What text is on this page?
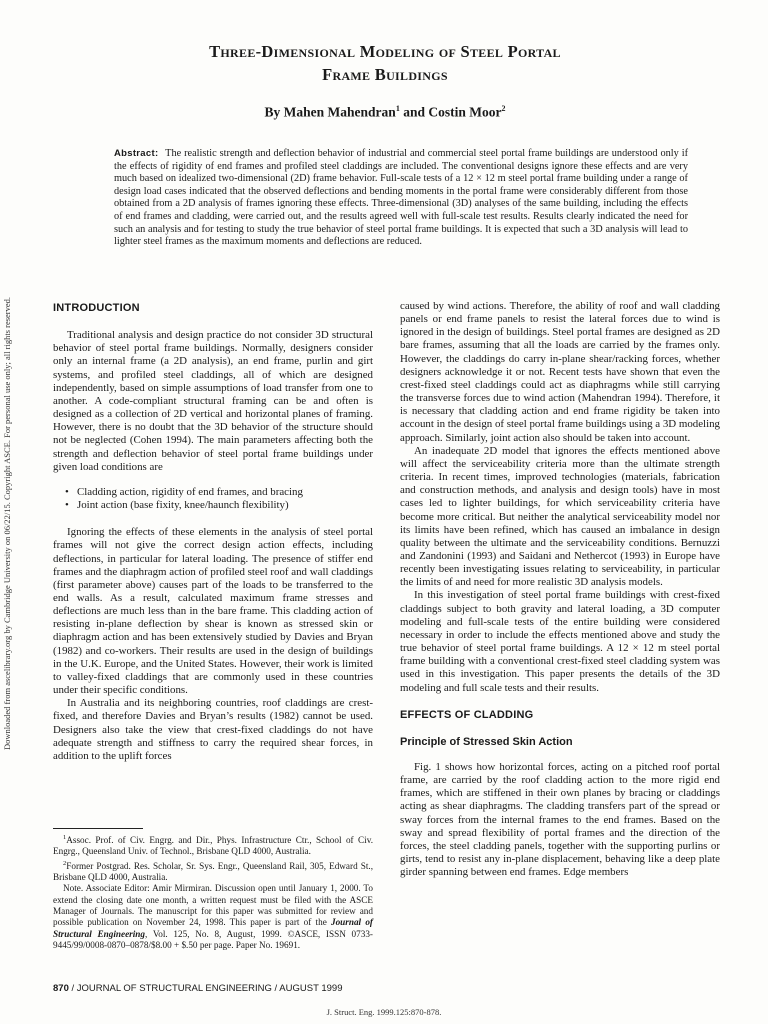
Downloaded from ascelibrary.org by Cambridge University on 06/22/15. Copyright ASCE. For personal use only; all rights reserved.
Three-Dimensional Modeling of Steel Portal
Frame Buildings
By Mahen Mahendran$^1$ and Costin Moor$^2$
Abstract: The realistic strength and deflection behavior of industrial and commercial steel portal frame buildings are understood only if the effects of rigidity of end frames and profiled steel claddings are included. The conventional designs ignore these effects and are very much based on idealized two-dimensional (2D) frame behavior. Full-scale tests of a 12 × 12 m steel portal frame building under a range of design load cases indicated that the observed deflections and bending moments in the portal frame were considerably different from those obtained from a 2D analysis of frames ignoring these effects. Three-dimensional (3D) analyses of the same building, including the effects of end frames and cladding, were carried out, and the results agreed well with full-scale test results. Results clearly indicated the need for such an analysis and for testing to study the true behavior of steel portal frame buildings. It is expected that such a 3D analysis will lead to lighter steel frames as the maximum moments and deflections are reduced.
INTRODUCTION

Traditional analysis and design practice do not consider 3D structural behavior of steel portal frame buildings. Normally, designers consider only an internal frame (a 2D analysis), an end frame, purlin and girt systems, and profiled steel claddings, all of which are designed independently, based on simple assumptions of load transfer from one to another. A code-compliant structural framing can be and often is designed as a collection of 2D vertical and horizontal planes of framing. However, there is no doubt that the 3D behavior of the structure should not be neglected (Cohen 1994). The main parameters affecting both the strength and deflection behavior of steel portal frame buildings under given load conditions are

• Cladding action, rigidity of end frames, and bracing
• Joint action (base fixity, knee/haunch flexibility)

Ignoring the effects of these elements in the analysis of steel portal frames will not give the correct design action effects, including deflections, in particular for lateral loading. The presence of stiffer end frames and the diaphragm action of profiled steel roof and wall claddings (first parameter above) causes part of the loads to be transferred to the end walls. As a result, calculated maximum frame stresses and deflections are much less than in the bare frame. This cladding action of resisting in-plane deflection by shear is known as stressed skin or diaphragm action and has been extensively studied by Davies and Bryan (1982) and co-workers. Their results are used in the design of buildings in the U.K. Europe, and the United States. However, their work is limited to valley-fixed claddings that are commonly used in these countries under their specific conditions.

In Australia and its neighboring countries, roof claddings are crest-fixed, and therefore Davies and Bryan’s results (1982) cannot be used. Designers also take the view that crest-fixed claddings do not have adequate strength and stiffness to carry the required shear forces, in addition to the uplift forces

$^1$Assoc. Prof. of Civ. Engrg. and Dir., Phys. Infrastructure Ctr., School of Civ. Engrg., Queensland Univ. of Technol., Brisbane QLD 4000, Australia.

$^2$Former Postgrad. Res. Scholar, Sr. Sys. Engr., Queensland Rail, 305, Edward St., Brisbane QLD 4000, Australia.

Note. Associate Editor: Amir Mirmiran. Discussion open until January 1, 2000. To extend the closing date one month, a written request must be filed with the ASCE Manager of Journals. The manuscript for this paper was submitted for review and possible publication on November 24, 1998. This paper is part of the Journal of Structural Engineering, Vol. 125, No. 8, August, 1999. ©ASCE, ISSN 0733-9445/99/0008-0870–0878/$8.00 + $.50 per page. Paper No. 19691.

caused by wind actions. Therefore, the ability of roof and wall cladding panels or end frame panels to resist the lateral forces due to wind is ignored in the design of buildings. Steel portal frames are designed as 2D bare frames, assuming that all the loads are carried by the frames only. However, the claddings do carry in-plane shear/racking forces, whether designers acknowledge it or not. Recent tests have shown that even the crest-fixed steel claddings could act as diaphragms while still carrying the transverse forces due to wind action (Mahendran 1994). Therefore, it is necessary that cladding action and end frame rigidity be taken into account in the design of steel portal frame buildings using a 3D modeling approach. Similarly, joint action also should be taken into account.

An inadequate 2D model that ignores the effects mentioned above will affect the serviceability criteria more than the ultimate strength criteria. In recent times, improved technologies (materials, fabrication and construction methods, and analysis and design tools) have in most cases led to lighter buildings, for which serviceability criteria have become more critical. But neither the analytical serviceability model nor its limits have been refined, which has caused an imbalance in design quality between the ultimate and the serviceability conditions. Bernuzzi and Zandonini (1993) and Saidani and Nethercot (1993) in Europe have recently been investigating issues relating to serviceability, in particular the limits of and need for more realistic 3D analysis models.

In this investigation of steel portal frame buildings with crest-fixed claddings subject to both gravity and lateral loading, a 3D computer modeling and full-scale tests of the entire building were considered necessary in order to include the effects mentioned above and study the true behavior of steel portal frame buildings. A 12 × 12 m steel portal frame building with a conventional crest-fixed steel cladding system was used in this investigation. This paper presents the details of the 3D modeling and full scale tests and their results.

EFFECTS OF CLADDING
Principle of Stressed Skin Action

Fig. 1 shows how horizontal forces, acting on a pitched roof portal frame, are carried by the roof cladding action to the more rigid end frames, which are stiffened in their own planes by bracing or claddings acting as shear diaphragms. The cladding transfers part of the spread or sway forces from the internal frames to the end frames. Based on the sway and spread flexibility of portal frames and the direction of the forces, the steel cladding panels, together with the supporting purlins or girts, tend to resist any in-plane displacement, behaving like a deep plate girder spanning between end frames. Edge members

870 / JOURNAL OF STRUCTURAL ENGINEERING / AUGUST 1999
J. Struct. Eng. 1999.125:870-878.
